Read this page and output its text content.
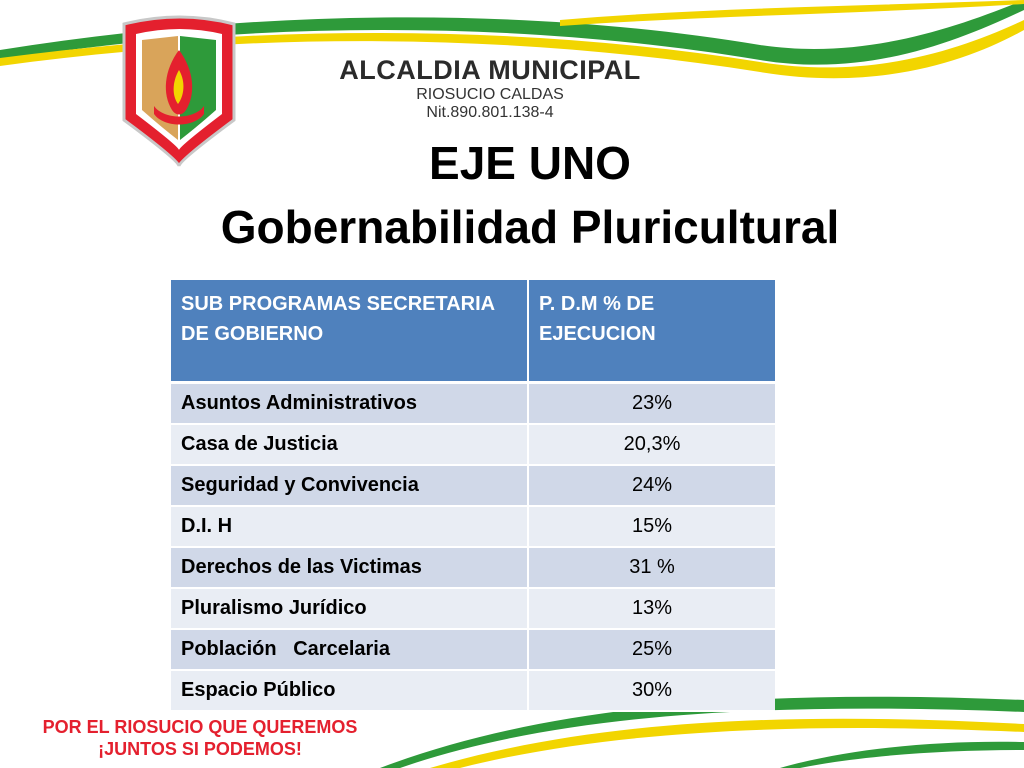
ALCALDIA MUNICIPAL
RIOSUCIO CALDAS
Nit.890.801.138-4
EJE UNO
Gobernabilidad Pluricultural
SUB PROGRAMAS SECRETARIA DE GOBIERNO	P. D.M % DE EJECUCION
Asuntos Administrativos	23%
Casa de Justicia	20,3%
Seguridad y Convivencia	24%
D.I. H	15%
Derechos de las Victimas	31 %
Pluralismo Jurídico	13%
Población   Carcelaria	25%
Espacio Público	30%
POR EL RIOSUCIO QUE QUEREMOS
¡JUNTOS SI PODEMOS!
